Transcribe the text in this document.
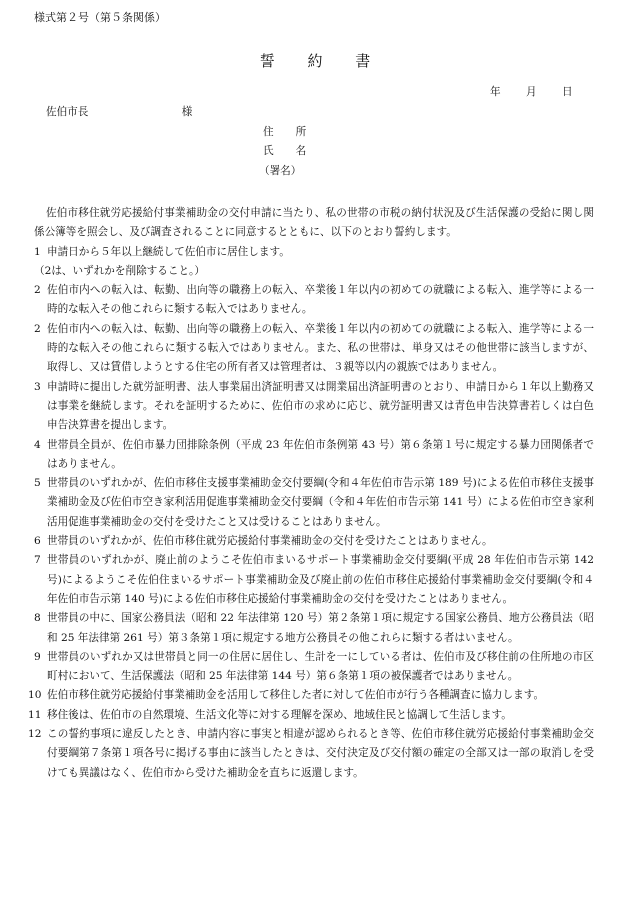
様式第２号（第５条関係）
誓 約 書
年 月 日
佐伯市長	様
住 所
氏 名
（署名）

佐伯市移住就労応援給付事業補助金の交付申請に当たり、私の世帯の市税の納付状況及び生活保護の受給に関し関係公簿等を照会し、及び調査されることに同意するとともに、以下のとおり誓約します。

1 申請日から５年以上継続して佐伯市に居住します。

（2は、いずれかを削除すること。）

2 佐伯市内への転入は、転勤、出向等の職務上の転入、卒業後１年以内の初めての就職による転入、進学等による一時的な転入その他これらに類する転入ではありません。
2 佐伯市内への転入は、転勤、出向等の職務上の転入、卒業後１年以内の初めての就職による転入、進学等による一時的な転入その他これらに類する転入ではありません。また、私の世帯は、単身又はその他世帯に該当しますが、取得し、又は賃借しようとする住宅の所有者又は管理者は、３親等以内の親族ではありません。
3 申請時に提出した就労証明書、法人事業届出済証明書又は開業届出済証明書のとおり、申請日から１年以上勤務又は事業を継続します。それを証明するために、佐伯市の求めに応じ、就労証明書又は青色申告決算書若しくは白色申告決算書を提出します。
4 世帯員全員が、佐伯市暴力団排除条例（平成 23 年佐伯市条例第 43 号）第６条第１号に規定する暴力団関係者ではありません。
5 世帯員のいずれかが、佐伯市移住支援事業補助金交付要綱(令和４年佐伯市告示第 189 号)による佐伯市移住支援事業補助金及び佐伯市空き家利活用促進事業補助金交付要綱（令和４年佐伯市告示第 141 号）による佐伯市空き家利活用促進事業補助金の交付を受けたこと又は受けることはありません。
6 世帯員のいずれかが、佐伯市移住就労応援給付事業補助金の交付を受けたことはありません。
7 世帯員のいずれかが、廃止前のようこそ佐伯市まいるサポート事業補助金交付要綱(平成 28 年佐伯市告示第 142 号)によるようこそ佐伯住まいるサポート事業補助金及び廃止前の佐伯市移住応援給付事業補助金交付要綱(令和４年佐伯市告示第 140 号)による佐伯市移住応援給付事業補助金の交付を受けたことはありません。
8 世帯員の中に、国家公務員法（昭和 22 年法律第 120 号）第２条第１項に規定する国家公務員、地方公務員法（昭和 25 年法律第 261 号）第３条第１項に規定する地方公務員その他これらに類する者はいません。
9 世帯員のいずれか又は世帯員と同一の住居に居住し、生計を一にしている者は、佐伯市及び移住前の住所地の市区町村において、生活保護法（昭和 25 年法律第 144 号）第６条第１項の被保護者ではありません。
10 佐伯市移住就労応援給付事業補助金を活用して移住した者に対して佐伯市が行う各種調査に協力します。
11 移住後は、佐伯市の自然環境、生活文化等に対する理解を深め、地域住民と協調して生活します。
12 この誓約事項に違反したとき、申請内容に事実と相違が認められるとき等、佐伯市移住就労応援給付事業補助金交付要綱第７条第１項各号に掲げる事由に該当したときは、交付決定及び交付額の確定の全部又は一部の取消しを受けても異議はなく、佐伯市から受けた補助金を直ちに返還します。
